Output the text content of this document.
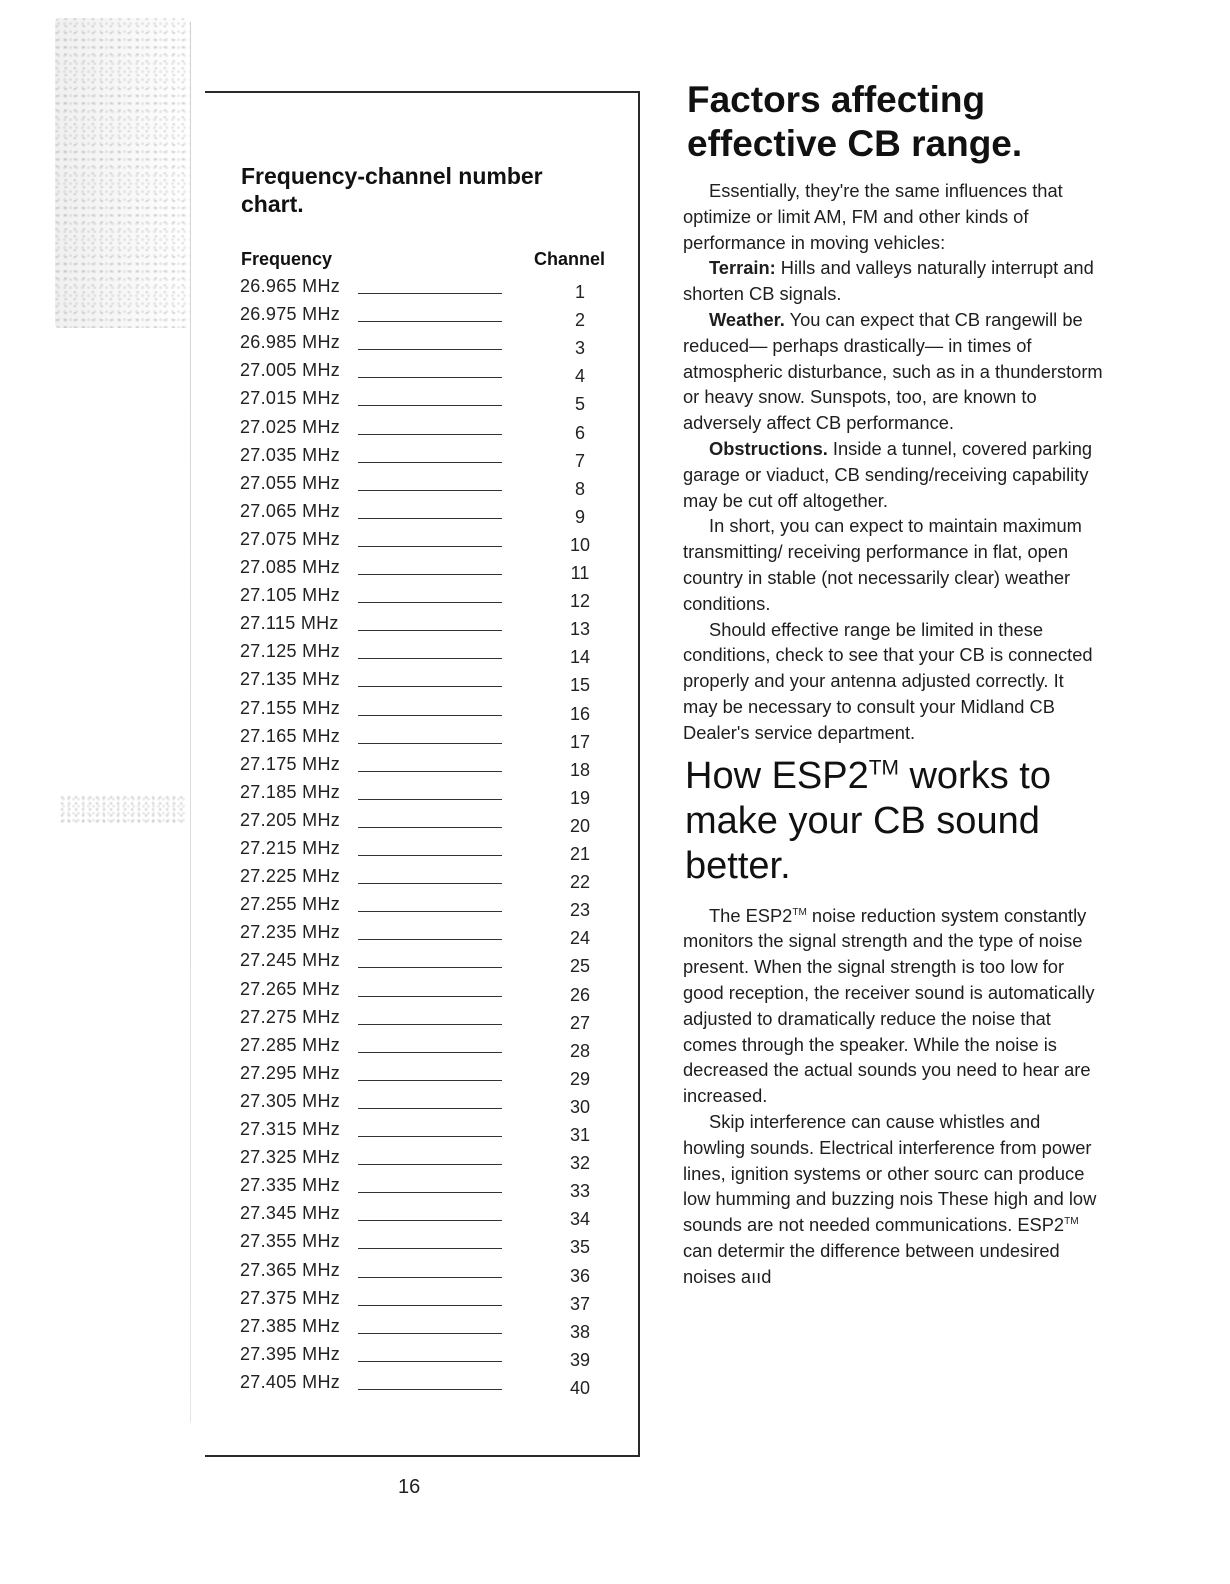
Frequency-channel number chart.
Frequency	Channel
26.965 MHz	1
26.975 MHz	2
26.985 MHz	3
27.005 MHz	4
27.015 MHz	5
27.025 MHz	6
27.035 MHz	7
27.055 MHz	8
27.065 MHz	9
27.075 MHz	10
27.085 MHz	11
27.105 MHz	12
27.115 MHz	13
27.125 MHz	14
27.135 MHz	15
27.155 MHz	16
27.165 MHz	17
27.175 MHz	18
27.185 MHz	19
27.205 MHz	20
27.215 MHz	21
27.225 MHz	22
27.255 MHz	23
27.235 MHz	24
27.245 MHz	25
27.265 MHz	26
27.275 MHz	27
27.285 MHz	28
27.295 MHz	29
27.305 MHz	30
27.315 MHz	31
27.325 MHz	32
27.335 MHz	33
27.345 MHz	34
27.355 MHz	35
27.365 MHz	36
27.375 MHz	37
27.385 MHz	38
27.395 MHz	39
27.405 MHz	40
16
Factors affecting effective CB range.

Essentially, they're the same influences that optimize or limit AM, FM and other kinds of performance in moving vehicles:

Terrain: Hills and valleys naturally interrupt and shorten CB signals.

Weather. You can expect that CB rangewill be reduced— perhaps drastically— in times of atmospheric disturbance, such as in a thunderstorm or heavy snow. Sunspots, too, are known to adversely affect CB performance.

Obstructions. Inside a tunnel, covered parking garage or viaduct, CB sending/receiving capability may be cut off altogether.

In short, you can expect to maintain maximum transmitting/ receiving performance in flat, open country in stable (not necessarily clear) weather conditions.

Should effective range be limited in these conditions, check to see that your CB is connected properly and your antenna adjusted correctly. It may be necessary to consult your Midland CB Dealer's service department.

How ESP2™ works to make your CB sound better.

The ESP2™ noise reduction system constantly monitors the signal strength and the type of noise present. When the signal strength is too low for good reception, the receiver sound is automatically adjusted to dramatically reduce the noise that comes through the speaker. While the noise is decreased the actual sounds you need to hear are increased.

Skip interference can cause whistles and howling sounds. Electrical interference from power lines, ignition systems or other sourc can produce low humming and buzzing nois These high and low sounds are not needed communications. ESP2™ can determir the difference between undesired noises aııd
